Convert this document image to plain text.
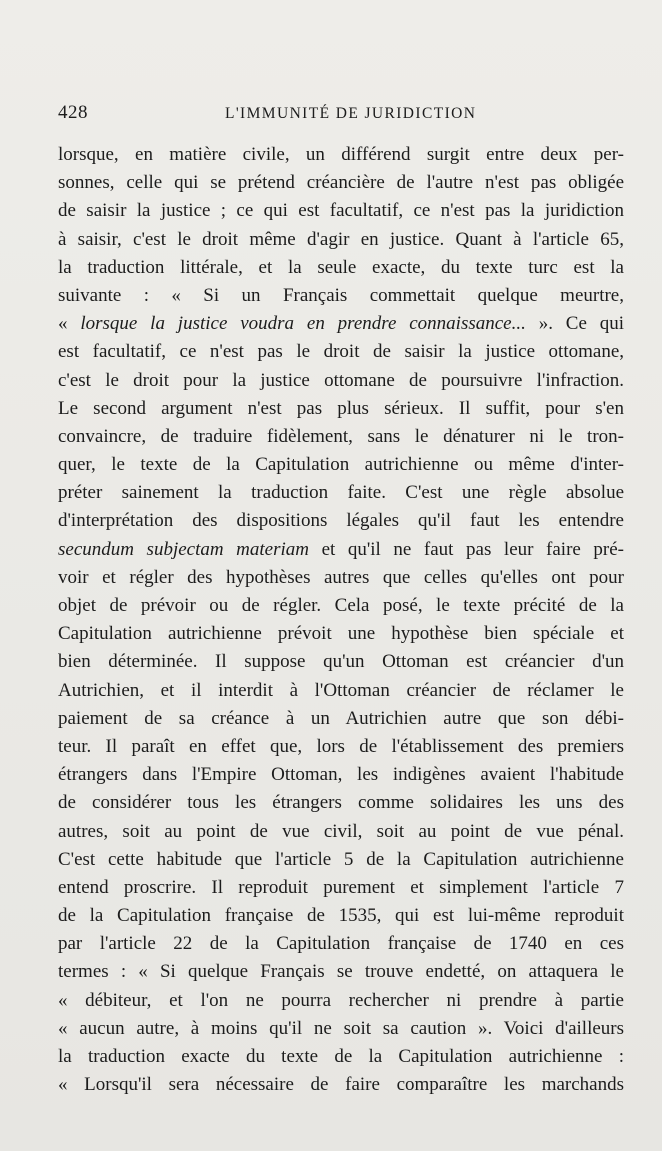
428	L'IMMUNITÉ DE JURIDICTION
lorsque, en matière civile, un différend surgit entre deux per-
sonnes, celle qui se prétend créancière de l'autre n'est pas obligée
de saisir la justice ; ce qui est facultatif, ce n'est pas la juridiction
à saisir, c'est le droit même d'agir en justice. Quant à l'article 65,
la traduction littérale, et la seule exacte, du texte turc est la
suivante : « Si un Français commettait quelque meurtre,
« lorsque la justice voudra en prendre connaissance... ». Ce qui
est facultatif, ce n'est pas le droit de saisir la justice ottomane,
c'est le droit pour la justice ottomane de poursuivre l'infraction.
Le second argument n'est pas plus sérieux. Il suffit, pour s'en
convaincre, de traduire fidèlement, sans le dénaturer ni le tron-
quer, le texte de la Capitulation autrichienne ou même d'inter-
préter sainement la traduction faite. C'est une règle absolue
d'interprétation des dispositions légales qu'il faut les entendre
secundum subjectam materiam et qu'il ne faut pas leur faire pré-
voir et régler des hypothèses autres que celles qu'elles ont pour
objet de prévoir ou de régler. Cela posé, le texte précité de la
Capitulation autrichienne prévoit une hypothèse bien spéciale et
bien déterminée. Il suppose qu'un Ottoman est créancier d'un
Autrichien, et il interdit à l'Ottoman créancier de réclamer le
paiement de sa créance à un Autrichien autre que son débi-
teur. Il paraît en effet que, lors de l'établissement des premiers
étrangers dans l'Empire Ottoman, les indigènes avaient l'habitude
de considérer tous les étrangers comme solidaires les uns des
autres, soit au point de vue civil, soit au point de vue pénal.
C'est cette habitude que l'article 5 de la Capitulation autrichienne
entend proscrire. Il reproduit purement et simplement l'article 7
de la Capitulation française de 1535, qui est lui-même reproduit
par l'article 22 de la Capitulation française de 1740 en ces
termes : « Si quelque Français se trouve endetté, on attaquera le
« débiteur, et l'on ne pourra rechercher ni prendre à partie
« aucun autre, à moins qu'il ne soit sa caution ». Voici d'ailleurs
la traduction exacte du texte de la Capitulation autrichienne :
« Lorsqu'il sera nécessaire de faire comparaître les marchands
